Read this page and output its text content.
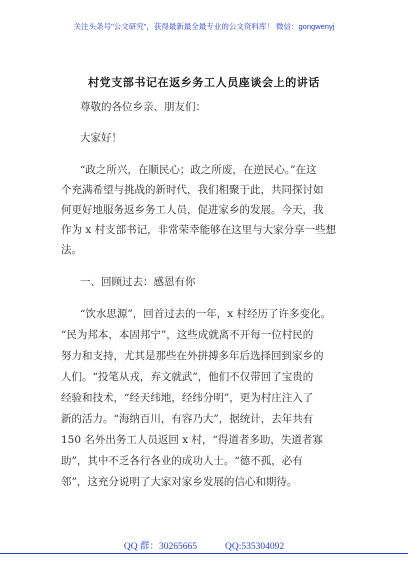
关注头条号"公文研究"，获得最新最全最专业的公文资料库！ 微信：gongwenyj
村党支部书记在返乡务工人员座谈会上的讲话
尊敬的各位乡亲、朋友们：
大家好！
“政之所兴，在顺民心；政之所废，在逆民心。”在这
个充满希望与挑战的新时代，我们相聚于此，共同探讨如
何更好地服务返乡务工人员，促进家乡的发展。今天，我
作为 x 村支部书记，非常荣幸能够在这里与大家分享一些想
法。
一、回顾过去：感恩有你
“饮水思源”，回首过去的一年，x 村经历了许多变化。
“民为邦本，本固邦宁”，这些成就离不开每一位村民的
努力和支持，尤其是那些在外拼搏多年后选择回到家乡的
人们。“投笔从戎，弃文就武”，他们不仅带回了宝贵的
经验和技术，“经天纬地，经纬分明”，更为村庄注入了
新的活力。“海纳百川，有容乃大”，据统计，去年共有
150 名外出务工人员返回 x 村，“得道者多助，失道者寡
助”，其中不乏各行各业的成功人士。“德不孤，必有
邻”，这充分说明了大家对家乡发展的信心和期待。
QQ 群：30265665	QQ:535304092
